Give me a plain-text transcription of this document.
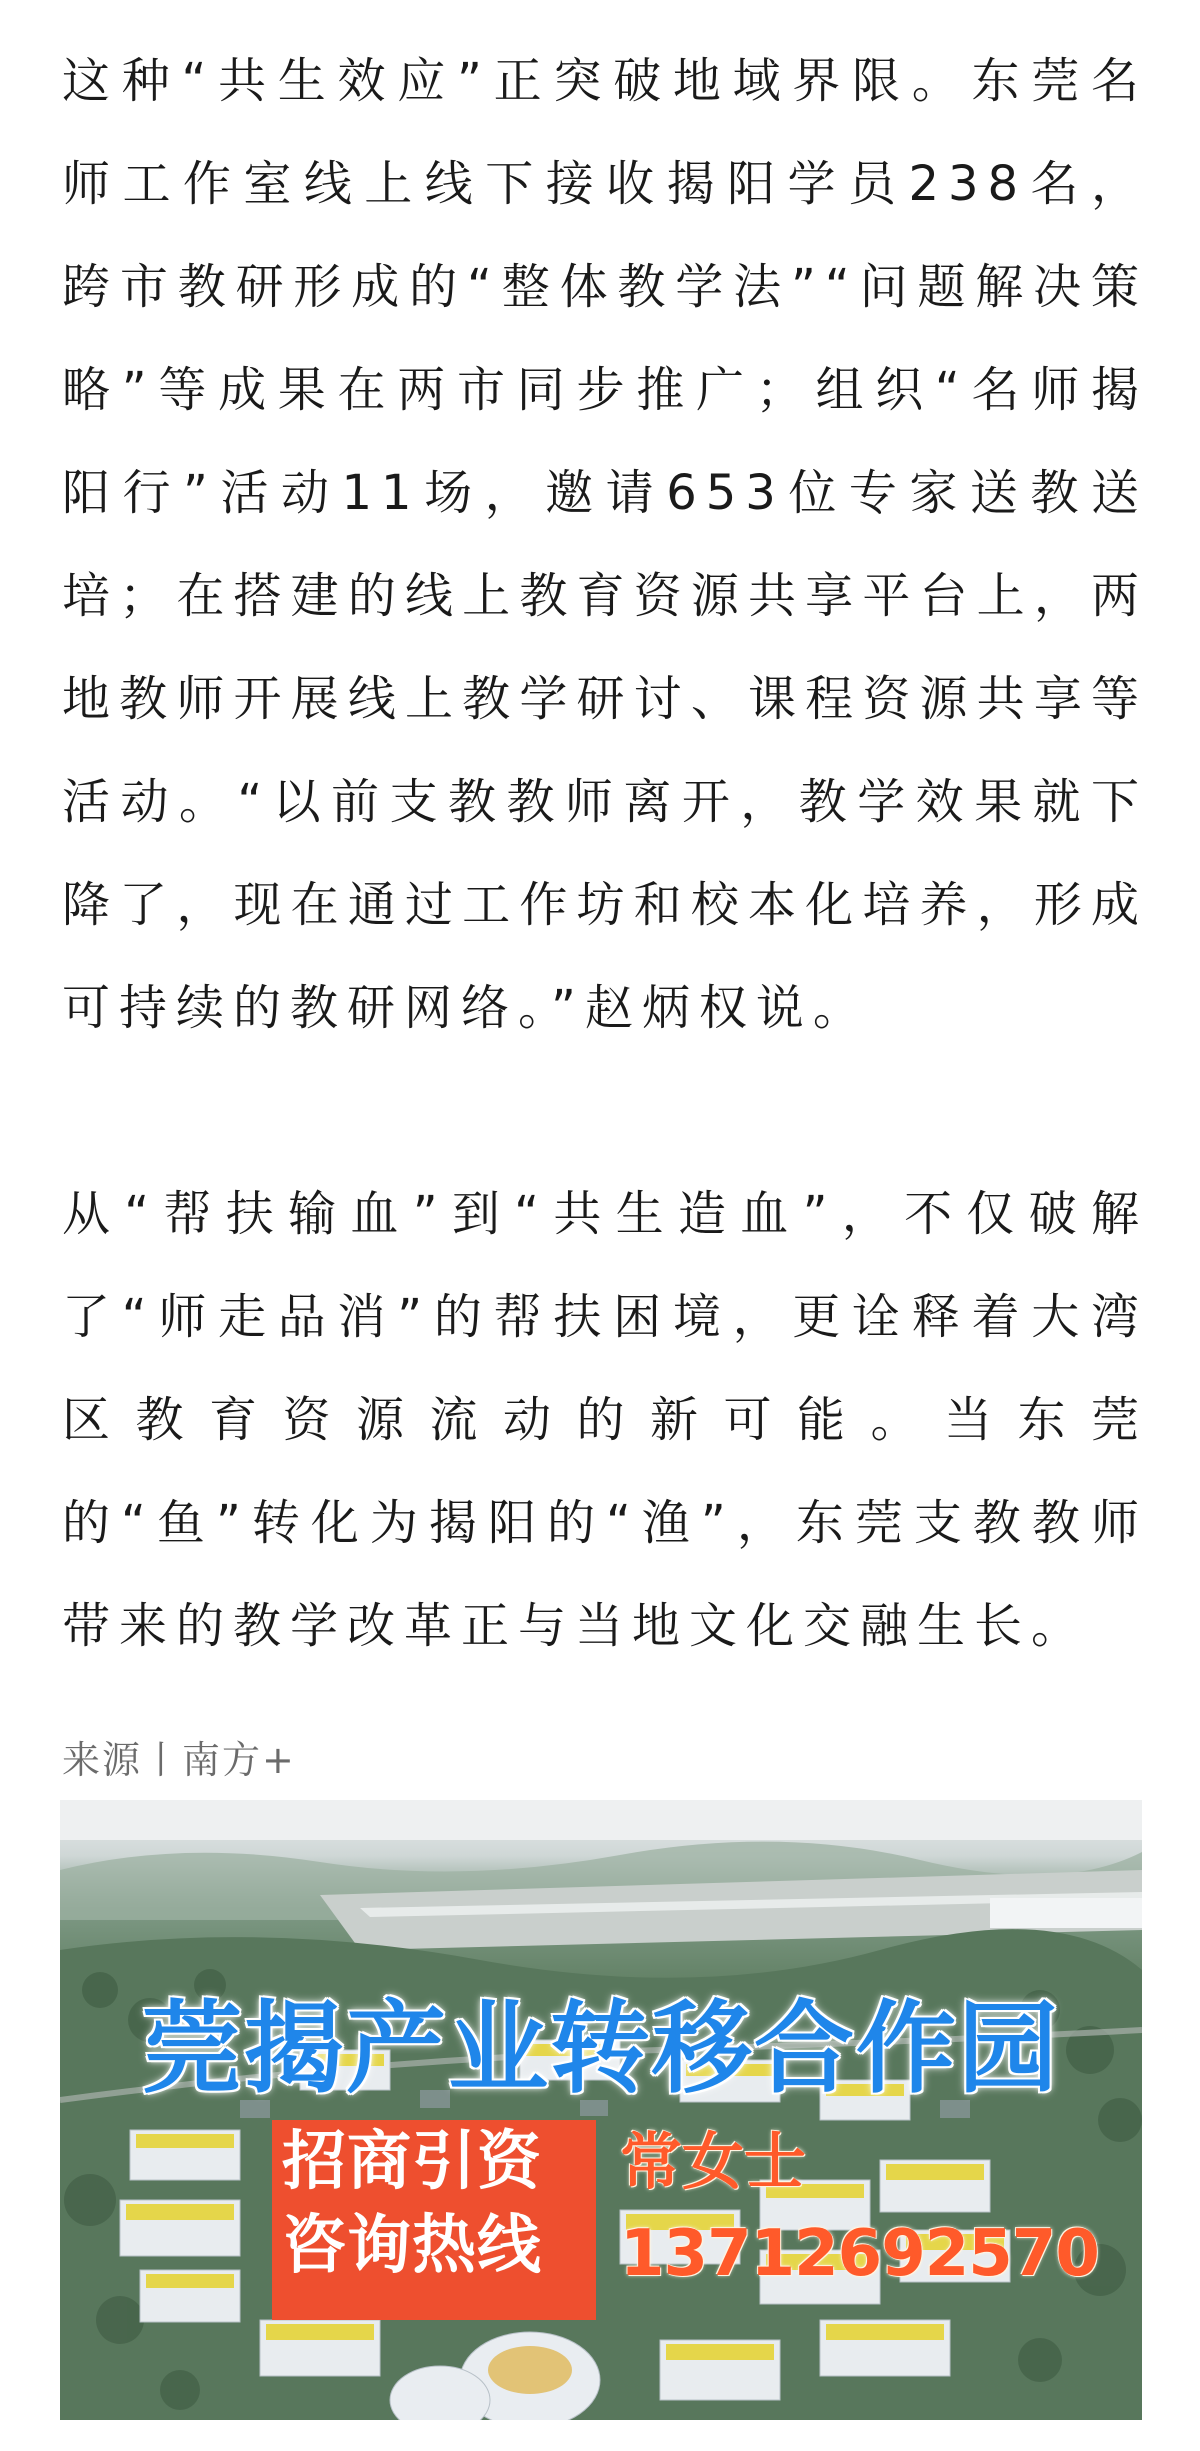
这种“共生效应”正突破地域界限。东莞名师工作室线上线下接收揭阳学员238名，跨市教研形成的“整体教学法”“问题解决策略”等成果在两市同步推广；组织“名师揭阳行”活动11场，邀请653位专家送教送培；在搭建的线上教育资源共享平台上，两地教师开展线上教学研讨、课程资源共享等活动。“以前支教教师离开，教学效果就下降了，现在通过工作坊和校本化培养，形成可持续的教研网络。”赵炳权说。

从“帮扶输血”到“共生造血”，不仅破解了“师走品消”的帮扶困境，更诠释着大湾区教育资源流动的新可能。当东莞的“鱼”转化为揭阳的“渔”，东莞支教教师带来的教学改革正与当地文化交融生长。

来源丨南方+
莞揭产业转移合作园
招商引资
咨询热线
常女士
13712692570
